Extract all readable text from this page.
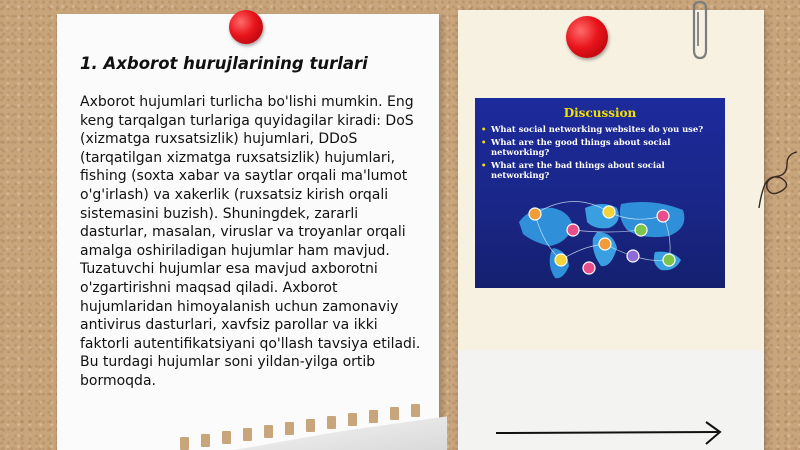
1. Axborot hurujlarining turlari

Axborot hujumlari turlicha bo'lishi mumkin. Eng keng tarqalgan turlariga quyidagilar kiradi: DoS (xizmatga ruxsatsizlik) hujumlari, DDoS (tarqatilgan xizmatga ruxsatsizlik) hujumlari, fishing (soxta xabar va saytlar orqali ma'lumot o'g'irlash) va xakerlik (ruxsatsiz kirish orqali sistemasini buzish). Shuningdek, zararli dasturlar, masalan, viruslar va troyanlar orqali amalga oshiriladigan hujumlar ham mavjud. Tuzatuvchi hujumlar esa mavjud axborotni o'zgartirishni maqsad qiladi. Axborot hujumlaridan himoyalanish uchun zamonaviy antivirus dasturlari, xavfsiz parollar va ikki faktorli autentifikatsiyani qo'llash tavsiya etiladi. Bu turdagi hujumlar soni yildan-yilga ortib bormoqda.

Discussion
• What social networking websites do you use?
• What are the good things about social networking?
• What are the bad things about social networking?
